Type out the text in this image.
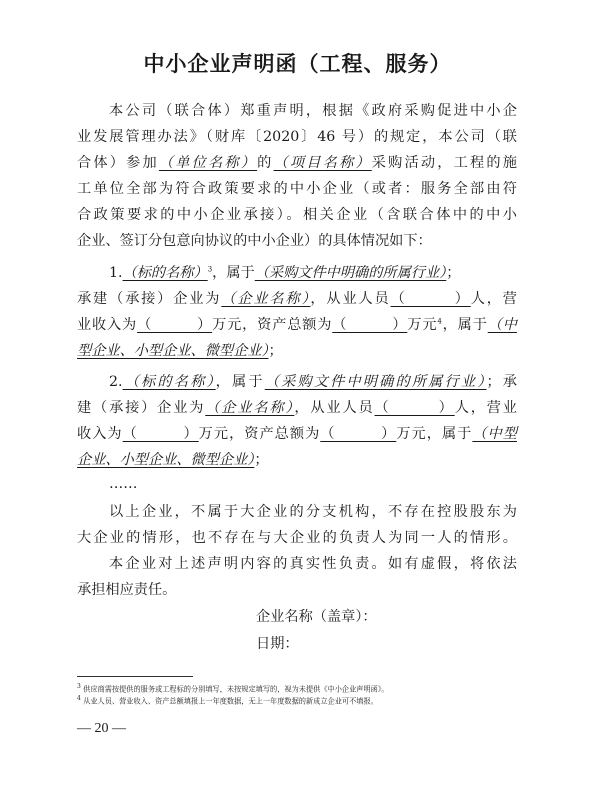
中小企业声明函（工程、服务）
本公司（联合体）郑重声明，根据《政府采购促进中小企
业发展管理办法》（财库〔2020〕46 号）的规定，本公司（联
合体）参加（单位名称）的（项目名称）采购活动，工程的施
工单位全部为符合政策要求的中小企业（或者：服务全部由符
合政策要求的中小企业承接）。相关企业（含联合体中的中小
企业、签订分包意向协议的中小企业）的具体情况如下：
1.（标的名称）$^3$，属于（采购文件中明确的所属行业）；
承建（承接）企业为（企业名称），从业人员（　　　）人，营
业收入为（　　　）万元，资产总额为（　　　）万元$^4$，属于（中
型企业、小型企业、微型企业）；
2.（标的名称），属于（采购文件中明确的所属行业）；承
建（承接）企业为（企业名称），从业人员（　　　）人，营业
收入为（　　　）万元，资产总额为（　　　）万元，属于（中型
企业、小型企业、微型企业）；
……
以上企业，不属于大企业的分支机构，不存在控股股东为
大企业的情形，也不存在与大企业的负责人为同一人的情形。
本企业对上述声明内容的真实性负责。如有虚假，将依法
承担相应责任。
企业名称（盖章）：
日期：
$^3$ 供应商需按提供的服务或工程标的分别填写，未按规定填写的，视为未提供《中小企业声明函》。
$^4$ 从业人员、营业收入、资产总额填报上一年度数据，无上一年度数据的新成立企业可不填报。
— 20 —
